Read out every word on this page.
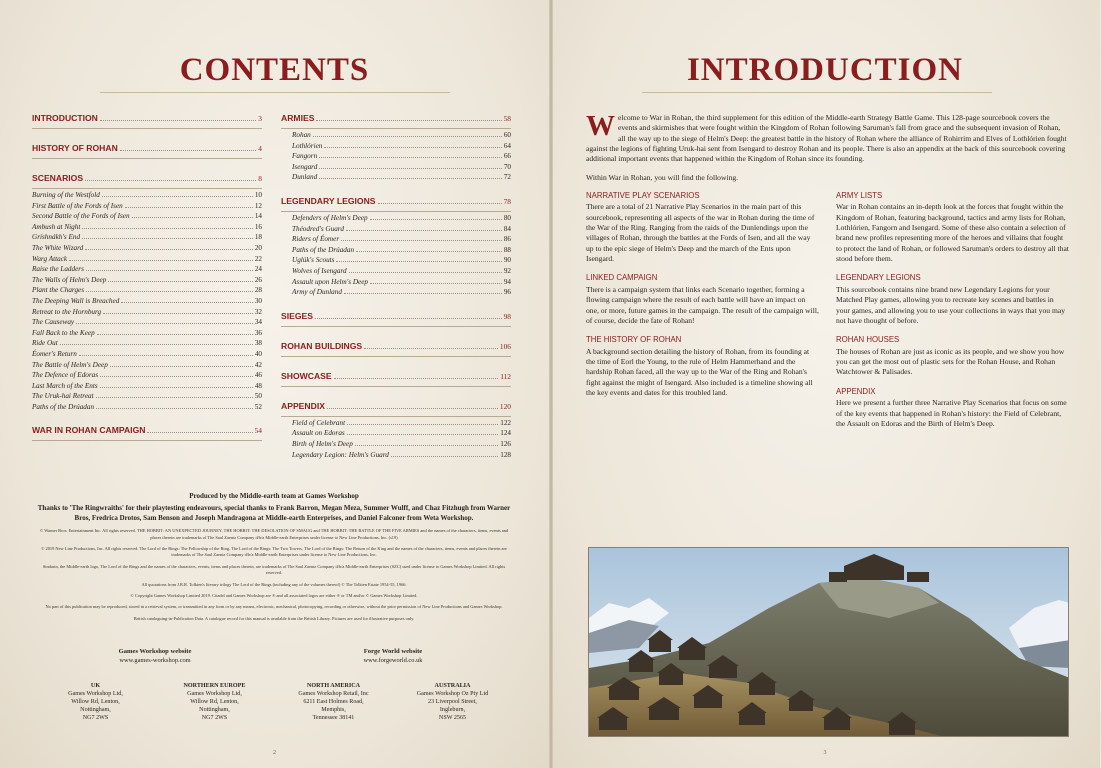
CONTENTS
INTRODUCTION	3
HISTORY OF ROHAN	4
SCENARIOS	8
Burning of the Westfold	10
First Battle of the Fords of Isen	12
Second Battle of the Fords of Isen	14
Ambush at Night	16
Gríshnákh's End	18
The White Wizard	20
Warg Attack	22
Raise the Ladders	24
The Walls of Helm's Deep	26
Plant the Charges	28
The Deeping Wall is Breached	30
Retreat to the Hornburg	32
The Causeway	34
Fall Back to the Keep	36
Ride Out	38
Éomer's Return	40
The Battle of Helm's Deep	42
The Defence of Edoras	46
Last March of the Ents	48
The Uruk-hai Retreat	50
Paths of the Drúadan	52
WAR IN ROHAN CAMPAIGN	54
ARMIES	58
Rohan	60
Lothlórien	64
Fangorn	66
Isengard	70
Dunland	72
LEGENDARY LEGIONS	78
Defenders of Helm's Deep	80
Théodred's Guard	84
Riders of Éomer	86
Paths of the Drúadan	88
Uglúk's Scouts	90
Wolves of Isengard	92
Assault upon Helm's Deep	94
Army of Dunland	96
SIEGES	98
ROHAN BUILDINGS	106
SHOWCASE	112
APPENDIX	120
Field of Celebrant	122
Assault on Edoras	124
Birth of Helm's Deep	126
Legendary Legion: Helm's Guard	128
Produced by the Middle-earth team at Games Workshop
Thanks to 'The Ringwraiths' for their playtesting endeavours, special thanks to Frank Barron, Megan Meza, Summer Wulff, and Chaz Fitzhugh from Warner Bros, Fredrica Drotos, Sam Benson and Joseph Mandragona at Middle-earth Enterprises, and Daniel Falconer from Weta Workshop.
© Warner Bros. Entertainment Inc. All rights reserved. THE HOBBIT: AN UNEXPECTED JOURNEY, THE HOBBIT: THE DESOLATION OF SMAUG and THE HOBBIT: THE BATTLE OF THE FIVE ARMIES and the names of the characters, items, events and places therein are trademarks of The Saul Zaentz Company d/b/a Middle-earth Enterprises under license to New Line Productions, Inc. (s19)
© 2019 New Line Productions, Inc. All rights reserved. The Lord of the Rings: The Fellowship of the Ring, The Lord of the Rings: The Two Towers, The Lord of the Rings: The Return of the King and the names of the characters, items, events and places therein are trademarks of The Saul Zaentz Company d/b/a Middle-earth Enterprises under license to New Line Productions, Inc.
Sindarin, the Middle-earth logo, The Lord of the Rings and the names of the characters, events, items and places therein, are trademarks of The Saul Zaentz Company d/b/a Middle-earth Enterprises (SZC) used under license to Games Workshop Limited. All rights reserved.
All quotations from J.R.R. Tolkien's literary trilogy The Lord of the Rings (including any of the volumes thereof) © The Tolkien Estate 1954-55, 1966.
© Copyright Games Workshop Limited 2019. Citadel and Games Workshop are ® and all associated logos are either ® or TM and/or © Games Workshop Limited.
No part of this publication may be reproduced, stored in a retrieval system, or transmitted in any form or by any means, electronic, mechanical, photocopying, recording or otherwise, without the prior permission of New Line Productions and Games Workshop.
British cataloguing-in-Publication Data. A catalogue record for this manual is available from the British Library. Pictures are used for illustrative purposes only.
Games Workshop website
www.games-workshop.com
Forge World website
www.forgeworld.co.uk
UK
Games Workshop Ltd,
Willow Rd, Lenton,
Nottingham,
NG7 2WS
NORTHERN EUROPE
Games Workshop Ltd,
Willow Rd, Lenton,
Nottingham,
NG7 2WS
NORTH AMERICA
Games Workshop Retail, Inc
6211 East Holmes Road,
Memphis,
Tennessee 38141
AUSTRALIA
Games Workshop Oz Pty Ltd
23 Liverpool Street,
Ingleburn,
NSW 2565
2
INTRODUCTION

Welcome to War in Rohan, the third supplement for this edition of the Middle-earth Strategy Battle Game. This 128-page sourcebook covers the events and skirmishes that were fought within the Kingdom of Rohan following Saruman's fall from grace and the subsequent invasion of Rohan, all the way up to the siege of Helm's Deep: the greatest battle in the history of Rohan where the alliance of Rohirrim and Elves of Lothlórien fought against the legions of fighting Uruk-hai sent from Isengard to destroy Rohan and its people. There is also an appendix at the back of this sourcebook covering additional important events that happened within the Kingdom of Rohan since its founding.

Within War in Rohan, you will find the following.

NARRATIVE PLAY SCENARIOS
There are a total of 21 Narrative Play Scenarios in the main part of this sourcebook, representing all aspects of the war in Rohan during the time of the War of the Ring. Ranging from the raids of the Dunlendings upon the villages of Rohan, through the battles at the Fords of Isen, and all the way up to the epic siege of Helm's Deep and the march of the Ents upon Isengard.
LINKED CAMPAIGN
There is a campaign system that links each Scenario together, forming a flowing campaign where the result of each battle will have an impact on one, or more, future games in the campaign. The result of the campaign will, of course, decide the fate of Rohan!
THE HISTORY OF ROHAN
A background section detailing the history of Rohan, from its founding at the time of Eorl the Young, to the rule of Helm Hammerhand and the hardship Rohan faced, all the way up to the War of the Ring and Rohan's fight against the might of Isengard. Also included is a timeline showing all the key events and dates for this troubled land.
ARMY LISTS
War in Rohan contains an in-depth look at the forces that fought within the Kingdom of Rohan, featuring background, tactics and army lists for Rohan, Lothlórien, Fangorn and Isengard. Some of these also contain a selection of brand new profiles representing more of the heroes and villains that fought to protect the land of Rohan, or followed Saruman's orders to destroy all that stood before them.
LEGENDARY LEGIONS
This sourcebook contains nine brand new Legendary Legions for your Matched Play games, allowing you to recreate key scenes and battles in your games, and allowing you to use your collections in ways that you may not have thought of before.
ROHAN HOUSES
The houses of Rohan are just as iconic as its people, and we show you how you can get the most out of plastic sets for the Rohan House, and Rohan Watchtower & Palisades.
APPENDIX
Here we present a further three Narrative Play Scenarios that focus on some of the key events that happened in Rohan's history: the Field of Celebrant, the Assault on Edoras and the Birth of Helm's Deep.
3
